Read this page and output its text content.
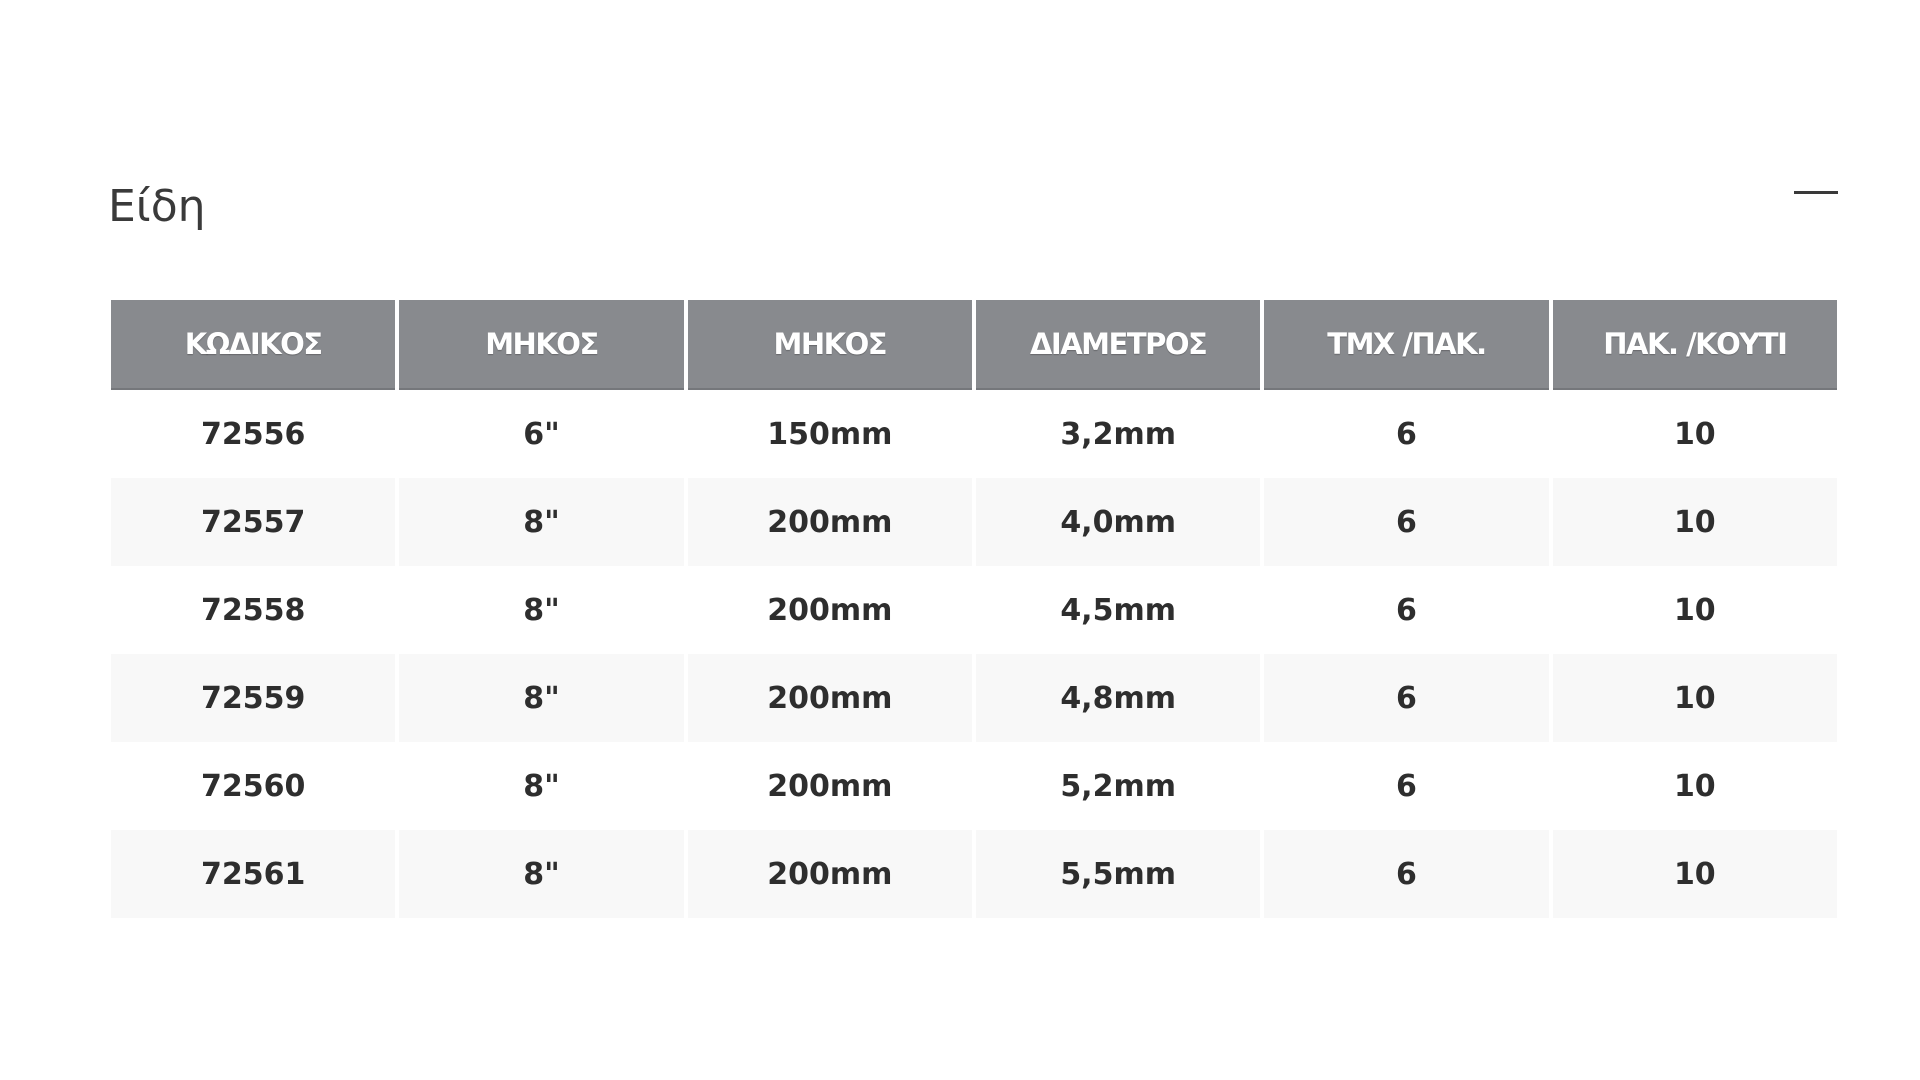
Είδη
ΚΩΔΙΚΟΣ	ΜΗΚΟΣ	ΜΗΚΟΣ	ΔΙΑΜΕΤΡΟΣ	ΤΜΧ /ΠΑΚ.	ΠΑΚ. /ΚΟΥΤΙ
72556	6"	150mm	3,2mm	6	10
72557	8"	200mm	4,0mm	6	10
72558	8"	200mm	4,5mm	6	10
72559	8"	200mm	4,8mm	6	10
72560	8"	200mm	5,2mm	6	10
72561	8"	200mm	5,5mm	6	10
